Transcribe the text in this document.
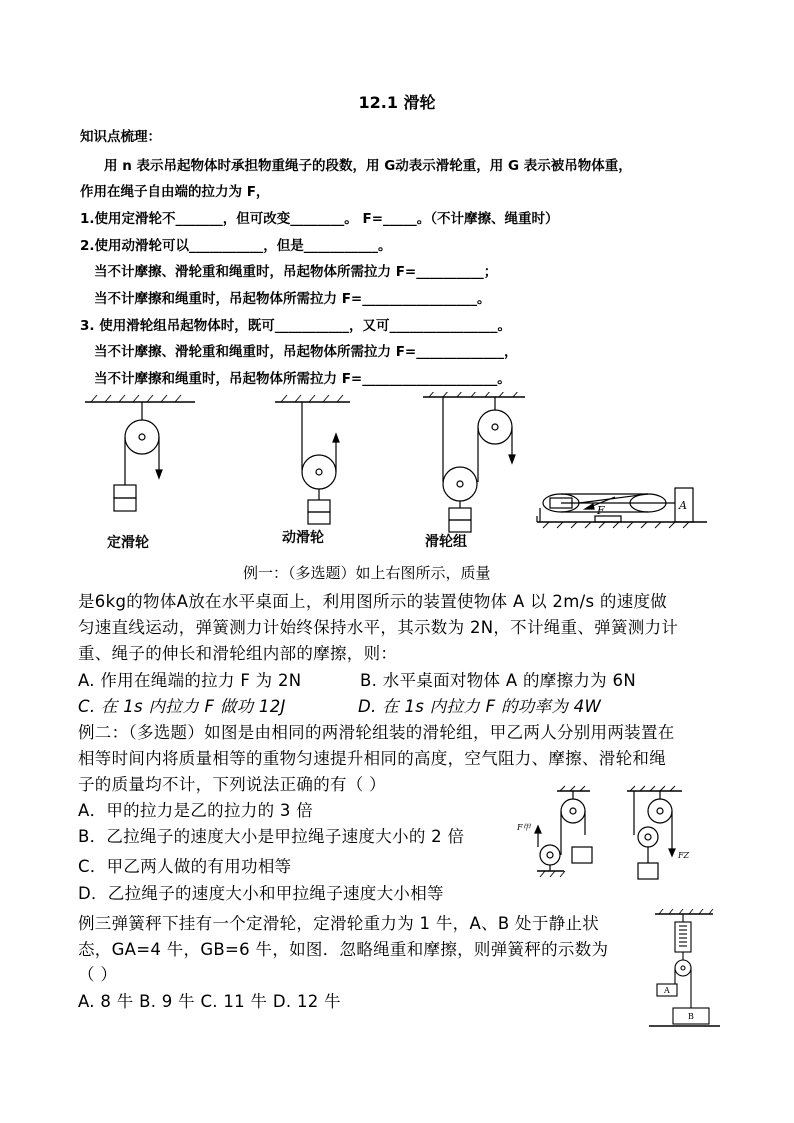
12.1 滑轮
知识点梳理：
用 n 表示吊起物体时承担物重绳子的段数，用 G动表示滑轮重，用 G 表示被吊物体重，
作用在绳子自由端的拉力为 F，
1.使用定滑轮不_______，但可改变________。 F=_____。（不计摩擦、绳重时）
2.使用动滑轮可以___________，但是___________。
当不计摩擦、滑轮重和绳重时，吊起物体所需拉力 F=__________；
当不计摩擦和绳重时，吊起物体所需拉力 F=_________________。
3. 使用滑轮组吊起物体时，既可___________，又可________________。
当不计摩擦、滑轮重和绳重时，吊起物体所需拉力 F=_____________，
当不计摩擦和绳重时，吊起物体所需拉力 F=____________________。
定滑轮	动滑轮	滑轮组
F	A
例一：（多选题）如上右图所示，质量
是6kg的物体A放在水平桌面上，利用图所示的装置使物体 A 以 2m/s 的速度做
匀速直线运动，弹簧测力计始终保持水平，其示数为 2N，不计绳重、弹簧测力计
重、绳子的伸长和滑轮组内部的摩擦，则：
A. 作用在绳端的拉力 F 为 2N	B. 水平桌面对物体 A 的摩擦力为 6N
C. 在 1s 内拉力 F 做功 12J	D. 在 1s 内拉力 F 的功率为 4W
例二：（多选题）如图是由相同的两滑轮组装的滑轮组，甲乙两人分别用两装置在
相等时间内将质量相等的重物匀速提升相同的高度，空气阻力、摩擦、滑轮和绳
子的质量均不计，下列说法正确的有（ ）
A．甲的拉力是乙的拉力的 3 倍
B．乙拉绳子的速度大小是甲拉绳子速度大小的 2 倍
C．甲乙两人做的有用功相等
D．乙拉绳子的速度大小和甲拉绳子速度大小相等
F甲
FZ
例三弹簧秤下挂有一个定滑轮，定滑轮重力为 1 牛，A、B 处于静止状
态，GA=4 牛，GB=6 牛，如图．忽略绳重和摩擦，则弹簧秤的示数为
（ ）
A. 8 牛 B. 9 牛 C. 11 牛 D. 12 牛
A
B
